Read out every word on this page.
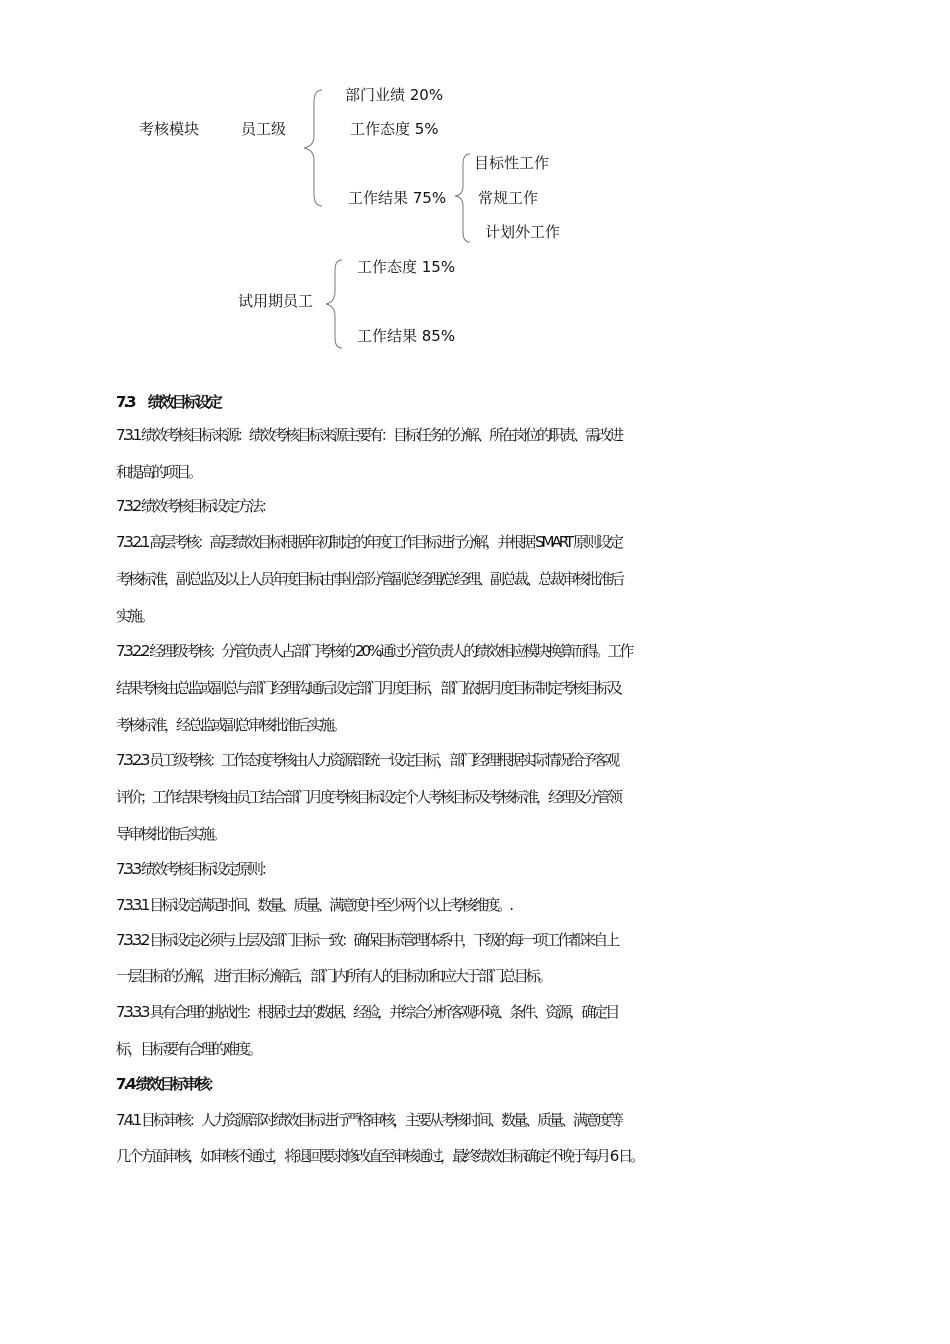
考核模块	员工级
部门业绩 20%
工作态度 5%
工作结果 75%
目标性工作
常规工作
计划外工作
试用期员工
工作态度 15%
工作结果 85%
7.3　 绩效目标设定
7.3.1 绩效考核目标来源：绩效考核目标来源主要有：目标任务的分解、所在岗位的职责、需改进
和提高的项目。
7.3.2 绩效考核目标设定方法：
7.3.2.1 高层考核：高层绩效目标根据年初制定的年度工作目标进行分解，并根据 SMART 原则设定
考核标准，副总监及以上人员年度目标由事业部分管副总经理/总经理、副总裁、总裁审核批准后
实施。
7.3.2.2 经理级考核：分管负责人占部门考核的 20%通过分管负责人的绩效相应模块换算而得。工作
结果考核由总监或副总与部门经理沟通后设定部门月度目标，部门依据月度目标制定考核目标及
考核标准，经总监或副总审核批准后实施。
7.3.2.3 员工级考核：工作态度考核由人力资源部统一设定目标，部门经理根据实际情况给予客观
评价；工作结果考核由员工结合部门月度考核目标设定个人考核目标及考核标准，经理及分管领
导审核批准后实施。
7.3.3 绩效考核目标设定原则：
7.3.3.1 目标设定满足时间、数量、质量、满意度中至少两个以上考核维度。.
7.3.3.2 目标设定必须与上层及部门目标一致：确保目标管理体系中，下级的每一项工作都来自上
一层目标的分解， 进行目标分解后，部门内所有人的目标加和应大于部门总目标。
7.3.3.3 具有合理的挑战性：根据过去的数据、经验，并综合分析客观环境、条件、资源，确定目
标，目标要有合理的难度。
7.4 绩效目标审核：
7.4.1 目标审核：人力资源部对绩效目标进行严格审核，主要从考核时间、数量、质量、满意度等
几个方面审核，如审核不通过，将退回要求修改直至审核通过，最终绩效目标确定不晚于每月 6 日。
